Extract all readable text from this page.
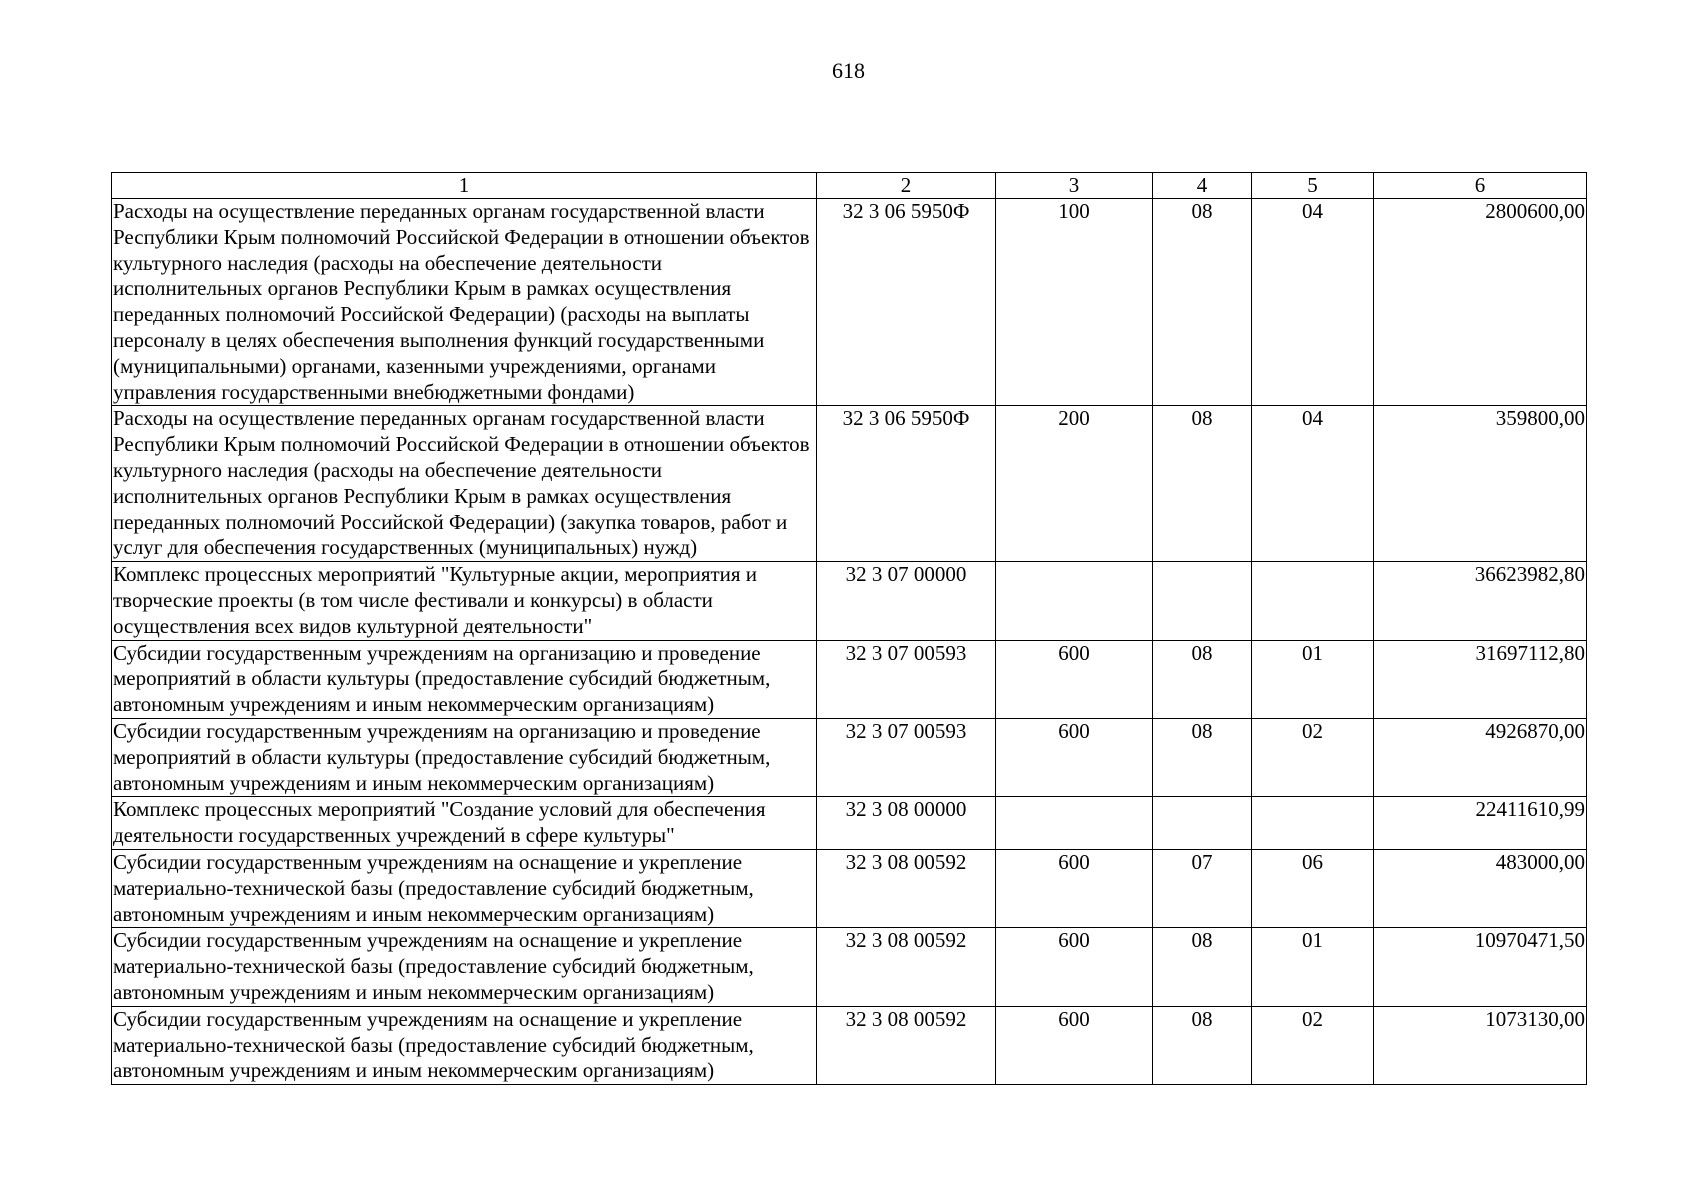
618
1	2	3	4	5	6
Расходы на осуществление переданных органам государственной власти Республики Крым полномочий Российской Федерации в отношении объектов культурного наследия (расходы на обеспечение деятельности исполнительных органов Республики Крым в рамках осуществления переданных полномочий Российской Федерации) (расходы на выплаты персоналу в целях обеспечения выполнения функций государственными (муниципальными) органами, казенными учреждениями, органами управления государственными внебюджетными фондами)	32 3 06 5950Ф	100	08	04	2800600,00
Расходы на осуществление переданных органам государственной власти Республики Крым полномочий Российской Федерации в отношении объектов культурного наследия (расходы на обеспечение деятельности исполнительных органов Республики Крым в рамках осуществления переданных полномочий Российской Федерации) (закупка товаров, работ и услуг для обеспечения государственных (муниципальных) нужд)	32 3 06 5950Ф	200	08	04	359800,00
Комплекс процессных мероприятий "Культурные акции, мероприятия и творческие проекты (в том числе фестивали и конкурсы) в области осуществления всех видов культурной деятельности"	32 3 07 00000				36623982,80
Субсидии государственным учреждениям на организацию и проведение мероприятий в области культуры (предоставление субсидий бюджетным, автономным учреждениям и иным некоммерческим организациям)	32 3 07 00593	600	08	01	31697112,80
Субсидии государственным учреждениям на организацию и проведение мероприятий в области культуры (предоставление субсидий бюджетным, автономным учреждениям и иным некоммерческим организациям)	32 3 07 00593	600	08	02	4926870,00
Комплекс процессных мероприятий "Создание условий для обеспечения деятельности государственных учреждений в сфере культуры"	32 3 08 00000				22411610,99
Субсидии государственным учреждениям на оснащение и укрепление материально-технической базы (предоставление субсидий бюджетным, автономным учреждениям и иным некоммерческим организациям)	32 3 08 00592	600	07	06	483000,00
Субсидии государственным учреждениям на оснащение и укрепление материально-технической базы (предоставление субсидий бюджетным, автономным учреждениям и иным некоммерческим организациям)	32 3 08 00592	600	08	01	10970471,50
Субсидии государственным учреждениям на оснащение и укрепление материально-технической базы (предоставление субсидий бюджетным, автономным учреждениям и иным некоммерческим организациям)	32 3 08 00592	600	08	02	1073130,00
